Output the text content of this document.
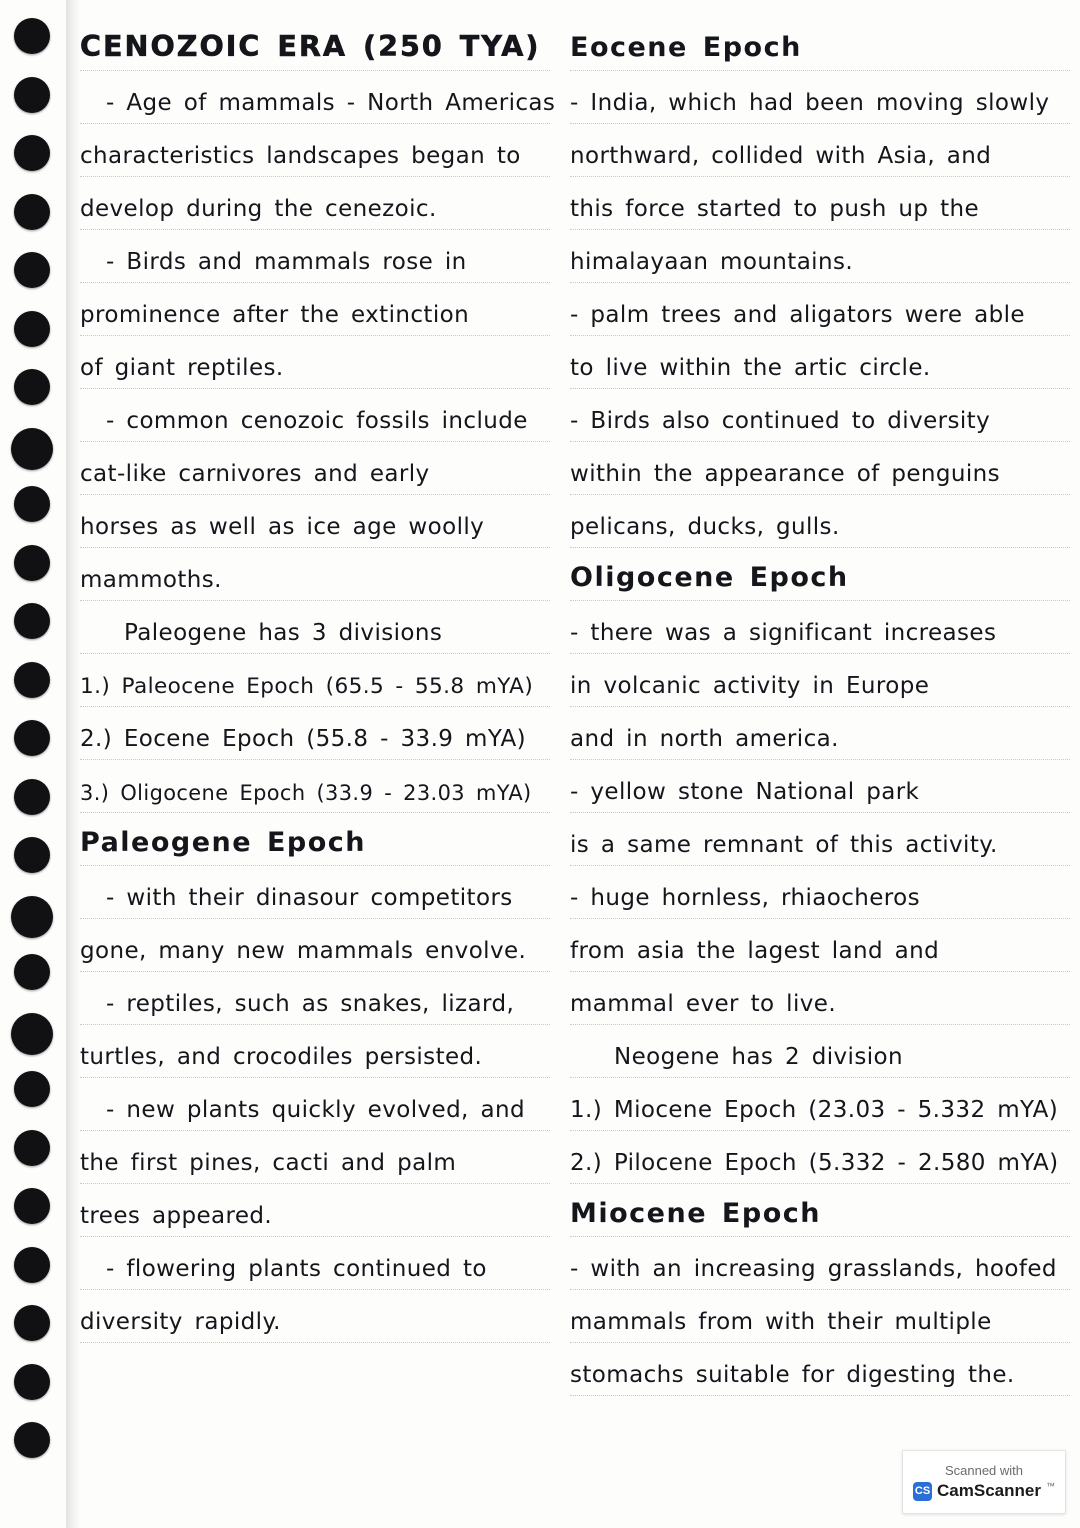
CENOZOIC ERA (250 TYA)
- Age of mammals - North Americas
characteristics landscapes began to
develop during the cenezoic.
- Birds and mammals rose in
prominence after the extinction
of giant reptiles.
- common cenozoic fossils include
cat-like carnivores and early
horses as well as ice age woolly
mammoths.
Paleogene has 3 divisions
1.) Paleocene Epoch (65.5 - 55.8 mYA)
2.) Eocene Epoch (55.8 - 33.9 mYA)
3.) Oligocene Epoch (33.9 - 23.03 mYA)
Paleogene Epoch
- with their dinasour competitors
gone, many new mammals envolve.
- reptiles, such as snakes, lizard,
turtles, and crocodiles persisted.
- new plants quickly evolved, and
the first pines, cacti and palm
trees appeared.
- flowering plants continued to
diversity rapidly.
Eocene Epoch
- India, which had been moving slowly
northward, collided with Asia, and
this force started to push up the
himalayaan mountains.
- palm trees and aligators were able
to live within the artic circle.
- Birds also continued to diversity
within the appearance of penguins
pelicans, ducks, gulls.
Oligocene Epoch
- there was a significant increases
in volcanic activity in Europe
and in north america.
- yellow stone National park
is a same remnant of this activity.
- huge hornless, rhiaocheros
from asia the lagest land and
mammal ever to live.
Neogene has 2 division
1.) Miocene Epoch (23.03 - 5.332 mYA)
2.) Pilocene Epoch (5.332 - 2.580 mYA)
Miocene Epoch
- with an increasing grasslands, hoofed
mammals from with their multiple
stomachs suitable for digesting the.
Scanned with
CS CamScanner ™
